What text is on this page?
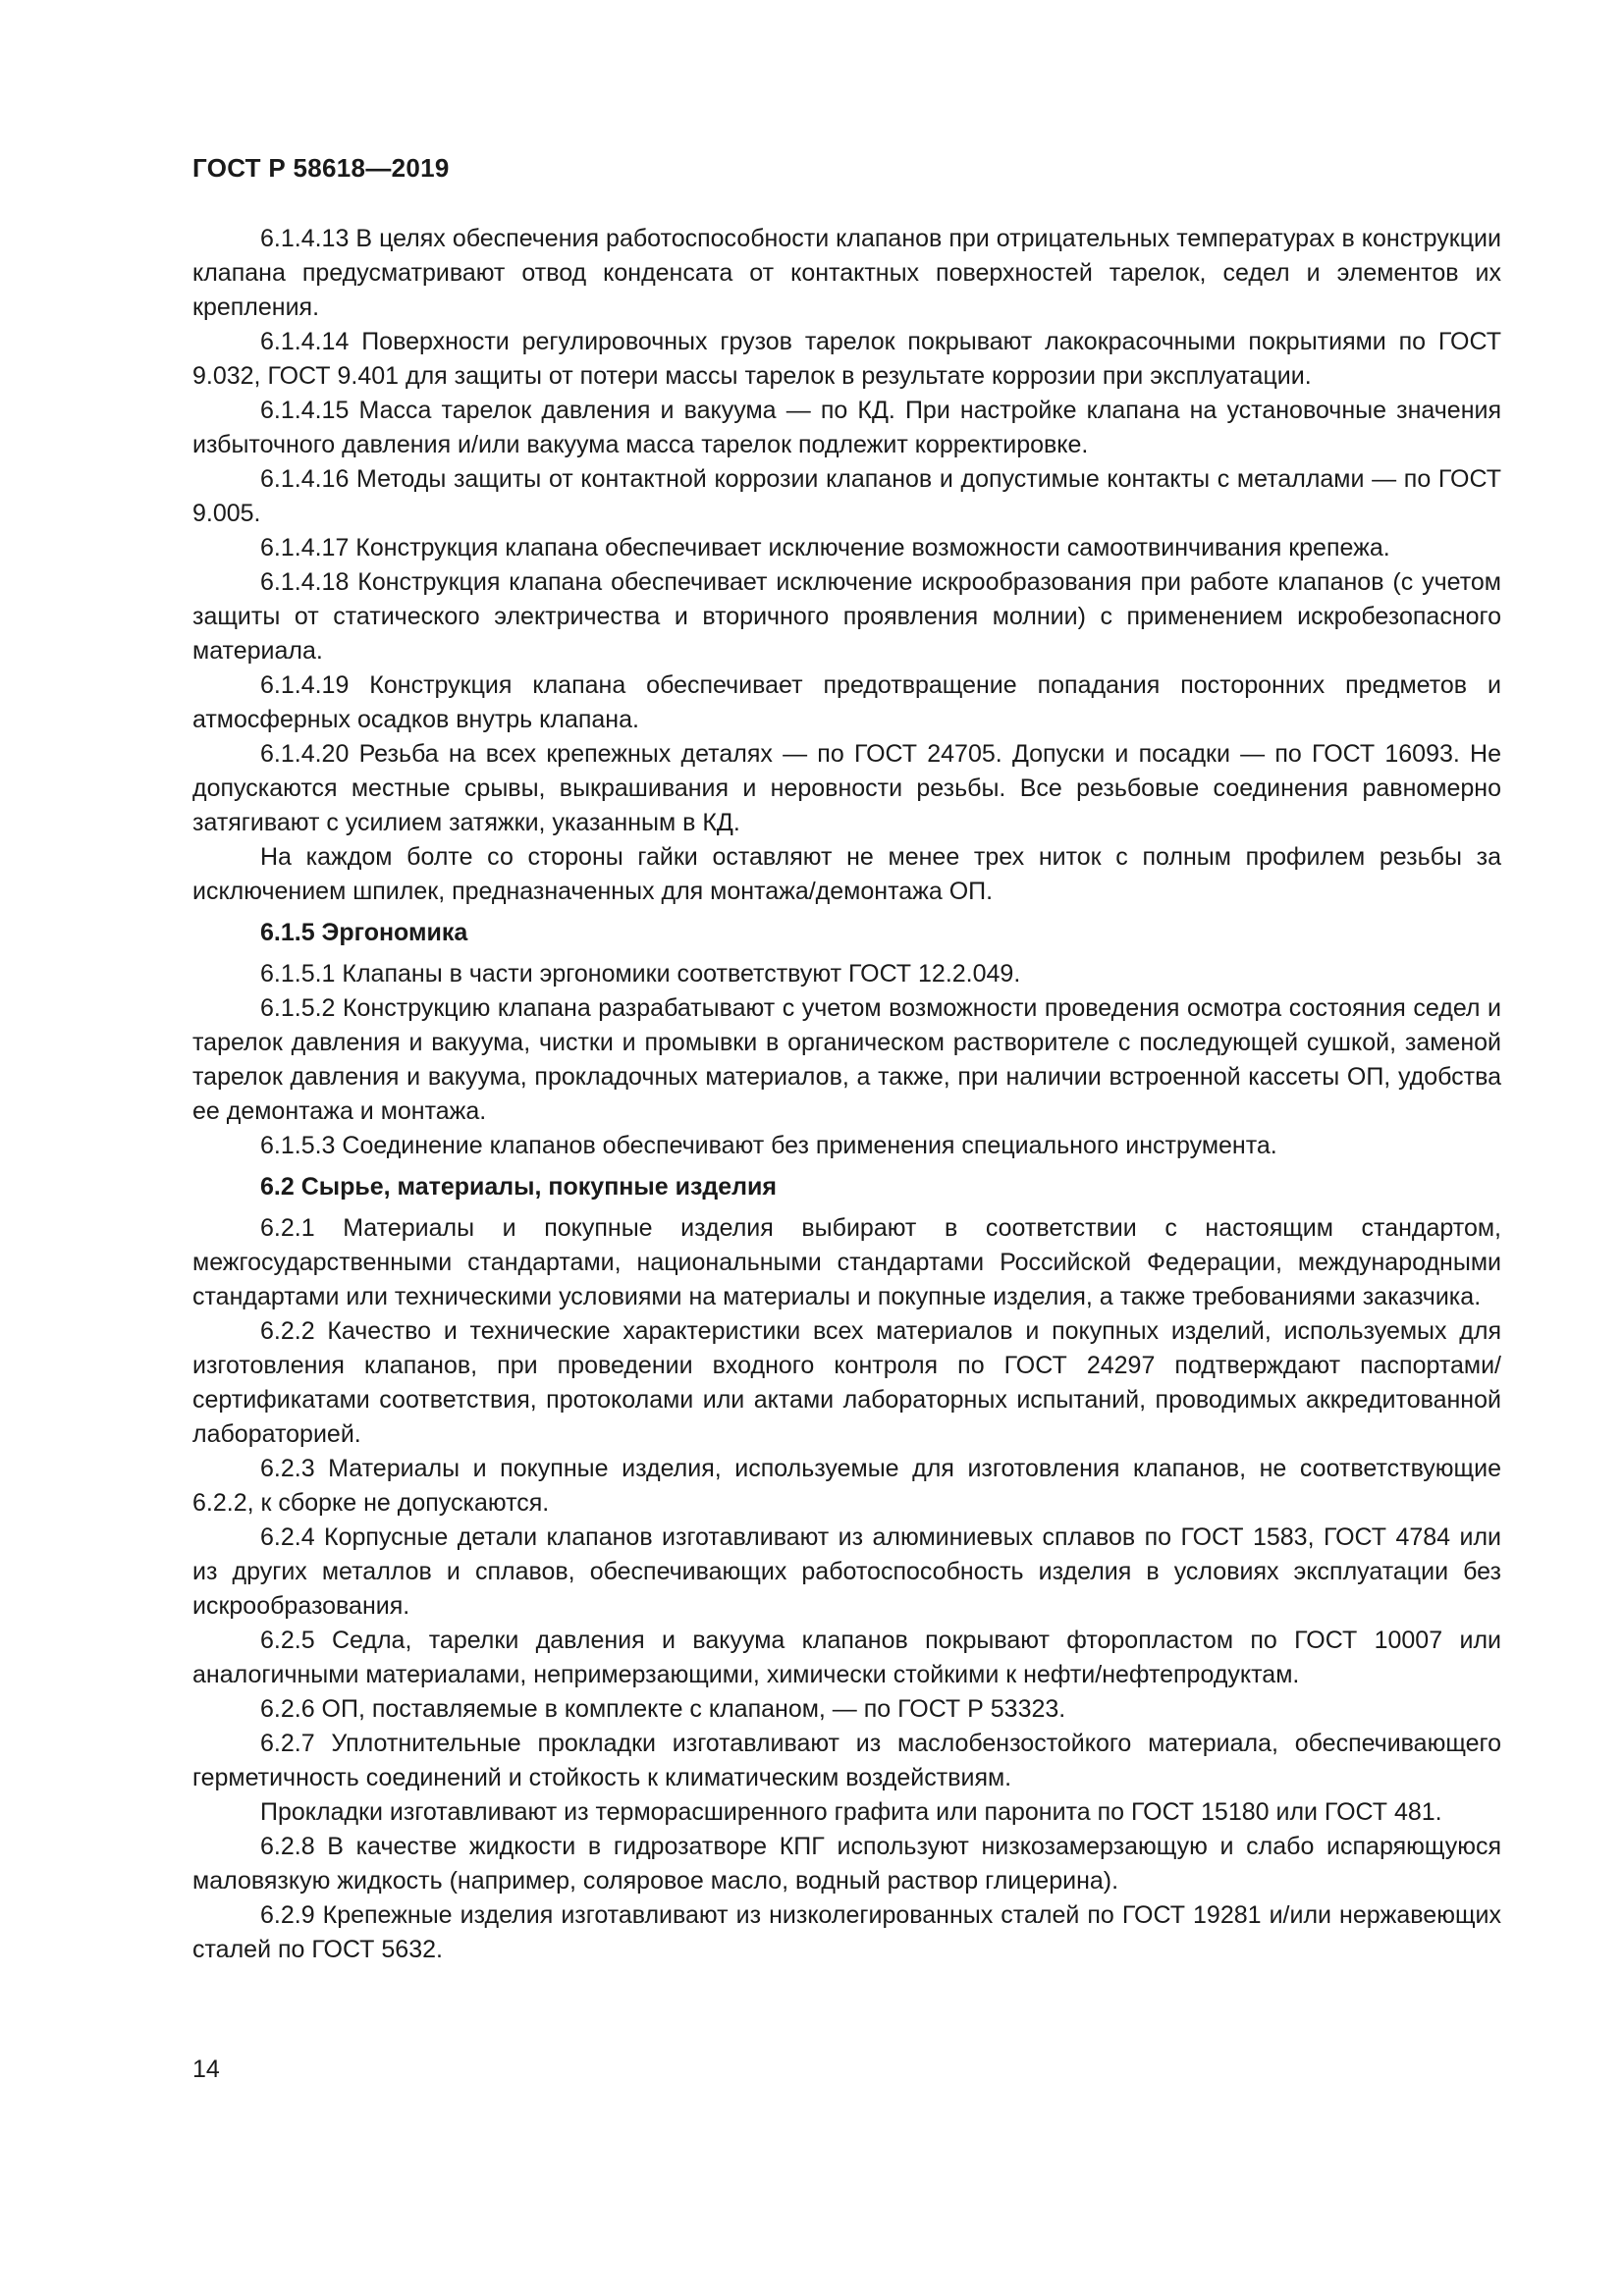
ГОСТ Р 58618—2019

6.1.4.13 В целях обеспечения работоспособности клапанов при отрицательных температурах в конструкции клапана предусматривают отвод конденсата от контактных поверхностей тарелок, седел и элементов их крепления.

6.1.4.14 Поверхности регулировочных грузов тарелок покрывают лакокрасочными покрытиями по ГОСТ 9.032, ГОСТ 9.401 для защиты от потери массы тарелок в результате коррозии при эксплуатации.

6.1.4.15 Масса тарелок давления и вакуума — по КД. При настройке клапана на установочные значения избыточного давления и/или вакуума масса тарелок подлежит корректировке.

6.1.4.16 Методы защиты от контактной коррозии клапанов и допустимые контакты с металлами — по ГОСТ 9.005.

6.1.4.17 Конструкция клапана обеспечивает исключение возможности самоотвинчивания крепежа.

6.1.4.18 Конструкция клапана обеспечивает исключение искрообразования при работе клапанов (с учетом защиты от статического электричества и вторичного проявления молнии) с применением искробезопасного материала.

6.1.4.19 Конструкция клапана обеспечивает предотвращение попадания посторонних предметов и атмосферных осадков внутрь клапана.

6.1.4.20 Резьба на всех крепежных деталях — по ГОСТ 24705. Допуски и посадки — по ГОСТ 16093. Не допускаются местные срывы, выкрашивания и неровности резьбы. Все резьбовые соединения равномерно затягивают с усилием затяжки, указанным в КД.

На каждом болте со стороны гайки оставляют не менее трех ниток с полным профилем резьбы за исключением шпилек, предназначенных для монтажа/демонтажа ОП.

6.1.5 Эргономика

6.1.5.1 Клапаны в части эргономики соответствуют ГОСТ 12.2.049.

6.1.5.2 Конструкцию клапана разрабатывают с учетом возможности проведения осмотра состояния седел и тарелок давления и вакуума, чистки и промывки в органическом растворителе с последующей сушкой, заменой тарелок давления и вакуума, прокладочных материалов, а также, при наличии встроенной кассеты ОП, удобства ее демонтажа и монтажа.

6.1.5.3 Соединение клапанов обеспечивают без применения специального инструмента.

6.2 Сырье, материалы, покупные изделия

6.2.1 Материалы и покупные изделия выбирают в соответствии с настоящим стандартом, межгосударственными стандартами, национальными стандартами Российской Федерации, международными стандартами или техническими условиями на материалы и покупные изделия, а также требованиями заказчика.

6.2.2 Качество и технические характеристики всех материалов и покупных изделий, используемых для изготовления клапанов, при проведении входного контроля по ГОСТ 24297 подтверждают паспортами/сертификатами соответствия, протоколами или актами лабораторных испытаний, проводимых аккредитованной лабораторией.

6.2.3 Материалы и покупные изделия, используемые для изготовления клапанов, не соответствующие 6.2.2, к сборке не допускаются.

6.2.4 Корпусные детали клапанов изготавливают из алюминиевых сплавов по ГОСТ 1583, ГОСТ 4784 или из других металлов и сплавов, обеспечивающих работоспособность изделия в условиях эксплуатации без искрообразования.

6.2.5 Седла, тарелки давления и вакуума клапанов покрывают фторопластом по ГОСТ 10007 или аналогичными материалами, непримерзающими, химически стойкими к нефти/нефтепродуктам.

6.2.6 ОП, поставляемые в комплекте с клапаном, — по ГОСТ Р 53323.

6.2.7 Уплотнительные прокладки изготавливают из маслобензостойкого материала, обеспечивающего герметичность соединений и стойкость к климатическим воздействиям.

Прокладки изготавливают из терморасширенного графита или паронита по ГОСТ 15180 или ГОСТ 481.

6.2.8 В качестве жидкости в гидрозатворе КПГ используют низкозамерзающую и слабо испаряющуюся маловязкую жидкость (например, соляровое масло, водный раствор глицерина).

6.2.9 Крепежные изделия изготавливают из низколегированных сталей по ГОСТ 19281 и/или нержавеющих сталей по ГОСТ 5632.

14
